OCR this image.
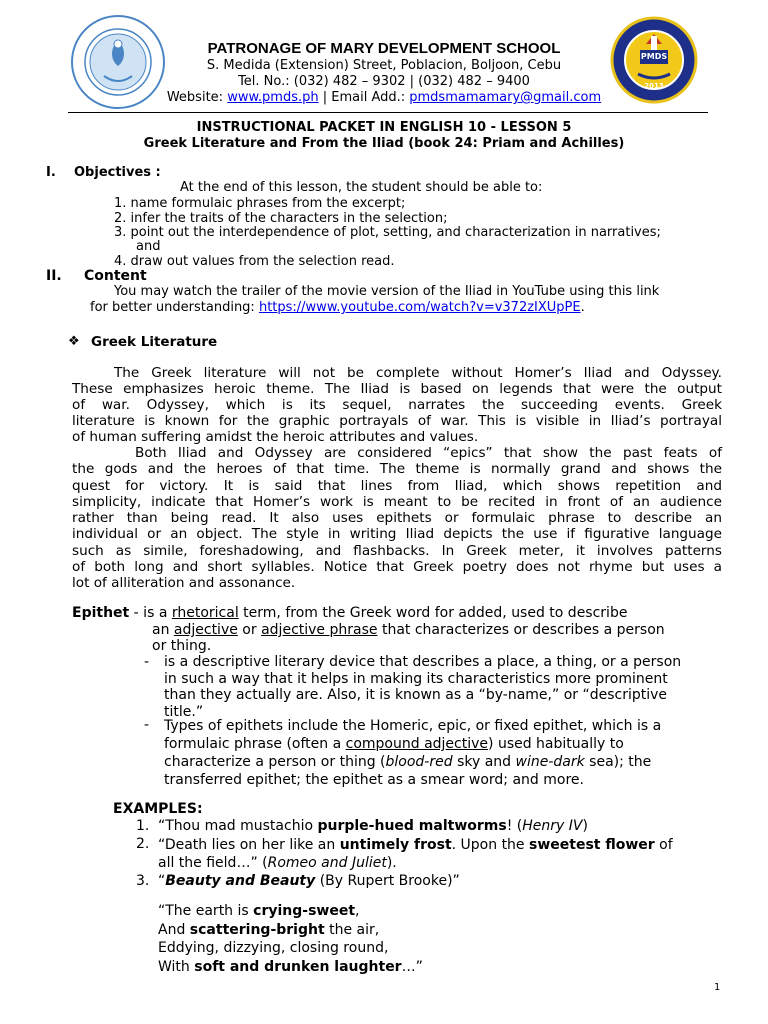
PMDS
2013
PATRONAGE OF MARY DEVELOPMENT SCHOOL
S. Medida (Extension) Street, Poblacion, Boljoon, Cebu
Tel. No.: (032) 482 – 9302 | (032) 482 – 9400
Website: www.pmds.ph | Email Add.: pmdsmamamary@gmail.com
INSTRUCTIONAL PACKET IN ENGLISH 10 - LESSON 5
Greek Literature and From the Iliad (book 24: Priam and Achilles)
I. Objectives :
At the end of this lesson, the student should be able to:
1. name formulaic phrases from the excerpt;
2. infer the traits of the characters in the selection;
3. point out the interdependence of plot, setting, and characterization in narratives;
and
4. draw out values from the selection read.
II. Content
You may watch the trailer of the movie version of the Iliad in YouTube using this link
for better understanding: https://www.youtube.com/watch?v=v372zIXUpPE.
❖ Greek Literature
The Greek literature will not be complete without Homer’s Iliad and Odyssey.
These emphasizes heroic theme. The Iliad is based on legends that were the output
of war. Odyssey, which is its sequel, narrates the succeeding events. Greek
literature is known for the graphic portrayals of war. This is visible in Iliad’s portrayal
of human suffering amidst the heroic attributes and values.
Both Iliad and Odyssey are considered “epics” that show the past feats of
the gods and the heroes of that time. The theme is normally grand and shows the
quest for victory. It is said that lines from Iliad, which shows repetition and
simplicity, indicate that Homer’s work is meant to be recited in front of an audience
rather than being read. It also uses epithets or formulaic phrase to describe an
individual or an object. The style in writing Iliad depicts the use if figurative language
such as simile, foreshadowing, and flashbacks. In Greek meter, it involves patterns
of both long and short syllables. Notice that Greek poetry does not rhyme but uses a
lot of alliteration and assonance.
Epithet - is a rhetorical term, from the Greek word for added, used to describe
an adjective or adjective phrase that characterizes or describes a person
or thing.
- is a descriptive literary device that describes a place, a thing, or a person
in such a way that it helps in making its characteristics more prominent
than they actually are. Also, it is known as a “by-name,” or “descriptive
title.”
- Types of epithets include the Homeric, epic, or fixed epithet, which is a
formulaic phrase (often a compound adjective) used habitually to
characterize a person or thing (blood-red sky and wine-dark sea); the
transferred epithet; the epithet as a smear word; and more.
EXAMPLES:
1. “Thou mad mustachio purple-hued maltworms! (Henry IV)
2. “Death lies on her like an untimely frost. Upon the sweetest flower of
all the field…” (Romeo and Juliet).
3. “Beauty and Beauty (By Rupert Brooke)”
“The earth is crying-sweet,
And scattering-bright the air,
Eddying, dizzying, closing round,
With soft and drunken laughter…”
1
